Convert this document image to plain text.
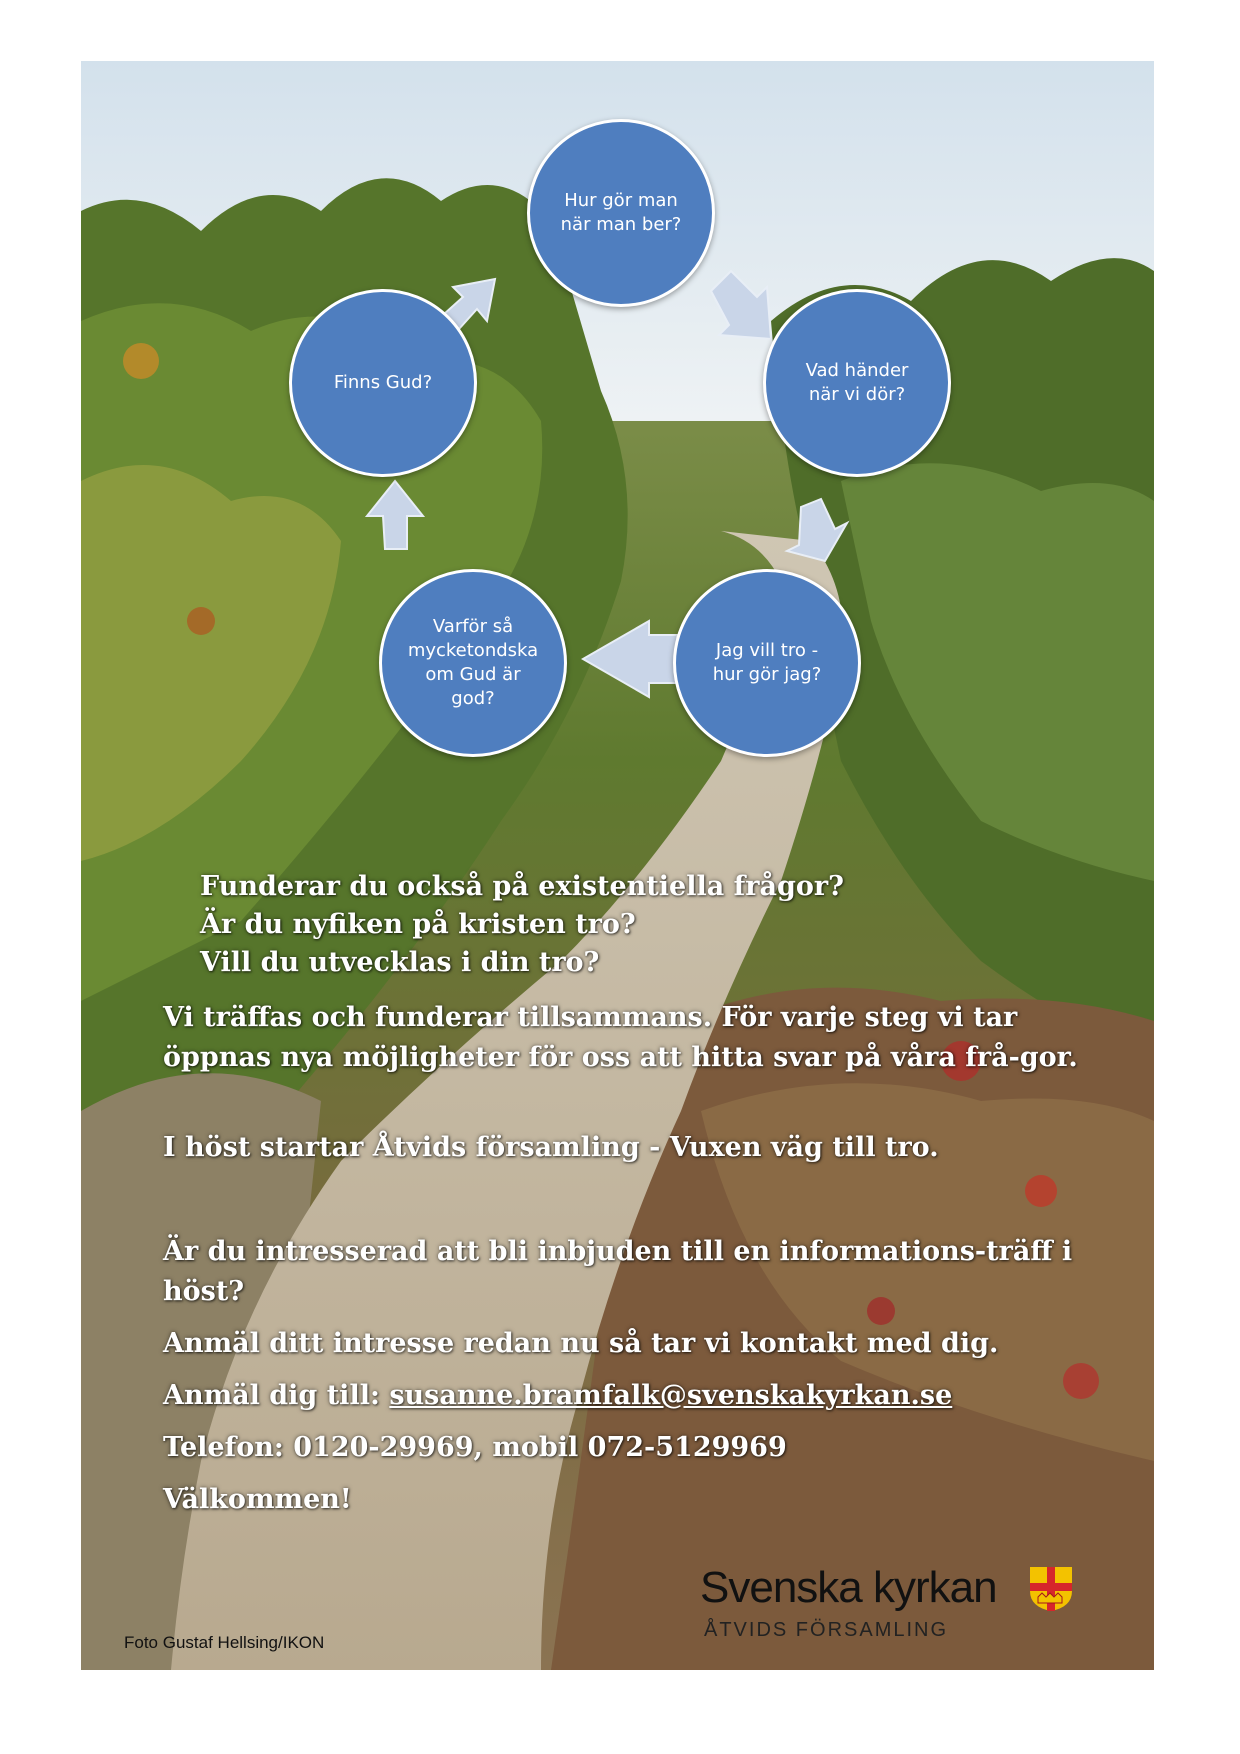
Hur gör man
när man ber?
Vad händer
när vi dör?
Jag vill tro -
hur gör jag?
Varför så
mycketondska
om Gud är
god?
Finns Gud?
Funderar du också på existentiella frågor?
Är du nyfiken på kristen tro?
Vill du utvecklas i din tro?
Vi träffas och funderar tillsammans. För varje steg vi tar öppnas nya möjligheter för oss att hitta svar på våra frå-gor.
I höst startar Åtvids församling - Vuxen väg till tro.
Är du intresserad att bli inbjuden till en informations-träff i höst?
Anmäl ditt intresse redan nu så tar vi kontakt med dig.
Anmäl dig till: susanne.bramfalk@svenskakyrkan.se
Telefon: 0120-29969, mobil 072-5129969
Välkommen!
Foto Gustaf Hellsing/IKON
Svenska kyrkan
ÅTVIDS FÖRSAMLING
